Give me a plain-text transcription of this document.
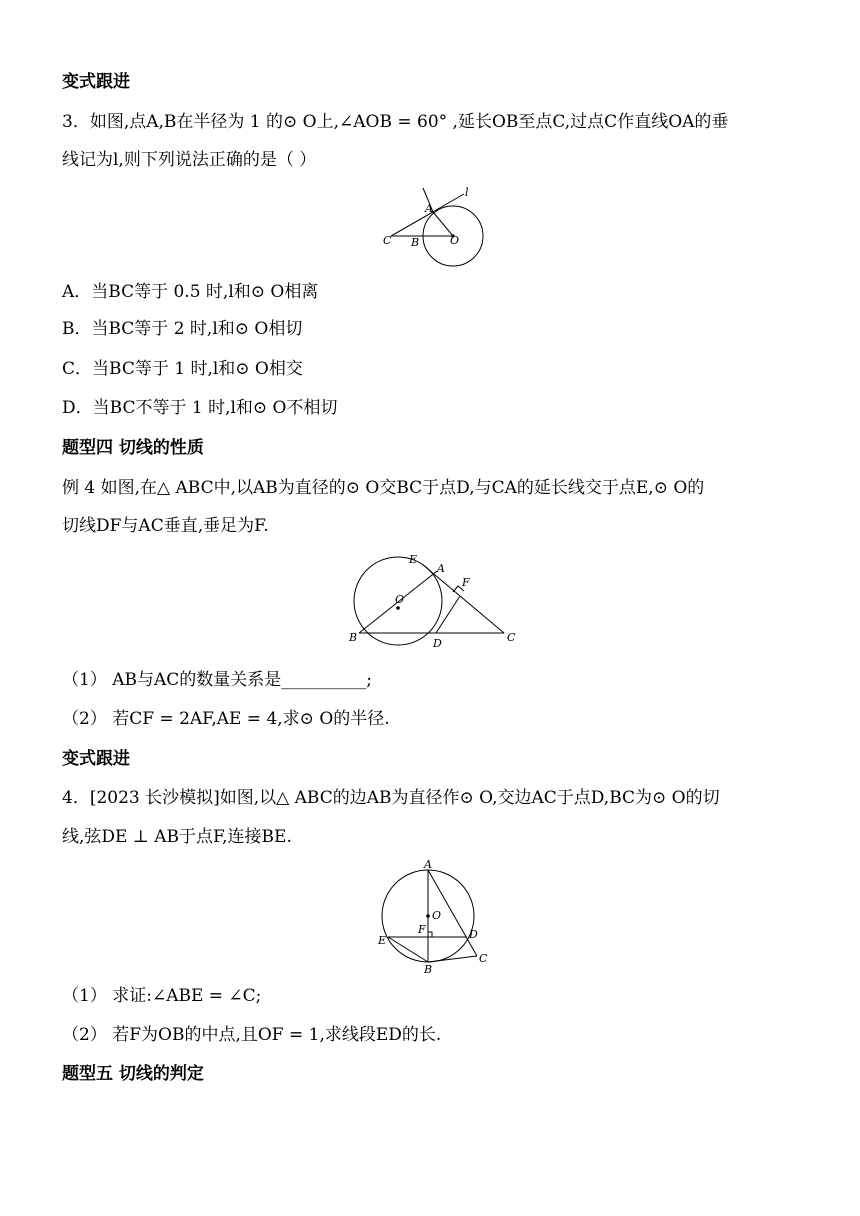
变式跟进
3．如图,点A,B在半径为 1 的⊙ O上,∠AOB = 60° ,延长OB至点C,过点C作直线OA的垂
线记为l,则下列说法正确的是（ ）
l
A
C B	O
A．当BC等于 0.5 时,l和⊙ O相离
B．当BC等于 2 时,l和⊙ O相切
C．当BC等于 1 时,l和⊙ O相交
D．当BC不等于 1 时,l和⊙ O不相切
题型四 切线的性质
例 4 如图,在△ ABC中,以AB为直径的⊙ O交BC于点D,与CA的延长线交于点E,⊙ O的
切线DF与AC垂直,垂足为F.
E
A
F
O
B	D	C
（1） AB与AC的数量关系是__________;
（2） 若CF = 2AF,AE = 4,求⊙ O的半径.
变式跟进
4．[2023 长沙模拟]如图,以△ ABC的边AB为直径作⊙ O,交边AC于点D,BC为⊙ O的切
线,弦DE ⊥ AB于点F,连接BE.
A
O
F
E	D
B
C
（1） 求证:∠ABE = ∠C;
（2） 若F为OB的中点,且OF = 1,求线段ED的长.
题型五 切线的判定
